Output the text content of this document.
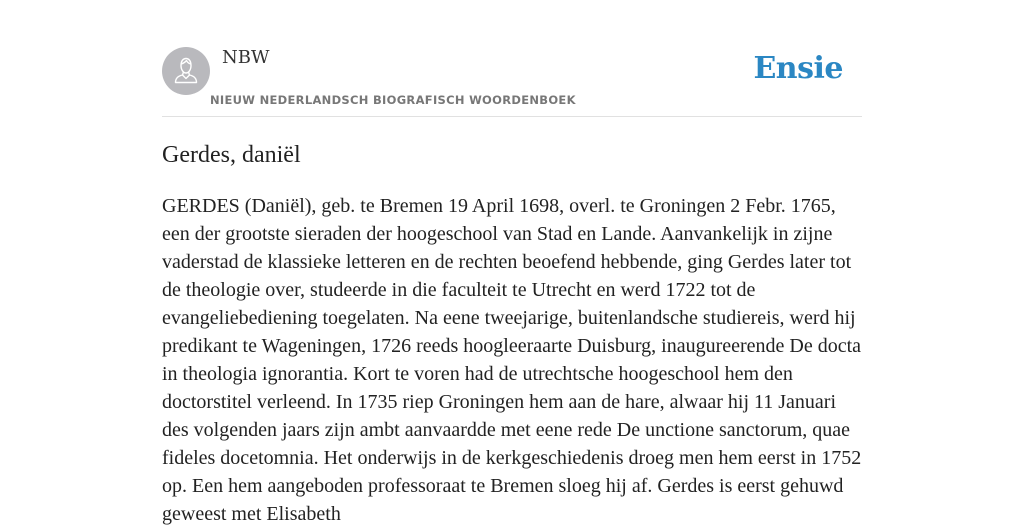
NBW
NIEUW NEDERLANDSCH BIOGRAFISCH WOORDENBOEK
Ensie
Gerdes, daniël

GERDES (Daniël), geb. te Bremen 19 April 1698, overl. te Groningen 2 Febr. 1765, een der grootste sieraden der hoogeschool van Stad en Lande. Aanvankelijk in zijne vaderstad de klassieke letteren en de rechten beoefend hebbende, ging Gerdes later tot de theologie over, studeerde in die faculteit te Utrecht en werd 1722 tot de evangeliebediening toegelaten. Na eene tweejarige, buitenlandsche studiereis, werd hij predikant te Wageningen, 1726 reeds hoogleeraarte Duisburg, inaugureerende De docta in theologia ignorantia. Kort te voren had de utrechtsche hoogeschool hem den doctorstitel verleend. In 1735 riep Groningen hem aan de hare, alwaar hij 11 Januari des volgenden jaars zijn ambt aanvaardde met eene rede De unctione sanctorum, quae fideles docetomnia. Het onderwijs in de kerkgeschiedenis droeg men hem eerst in 1752 op. Een hem aangeboden professoraat te Bremen sloeg hij af. Gerdes is eerst gehuwd geweest met Elisabeth
